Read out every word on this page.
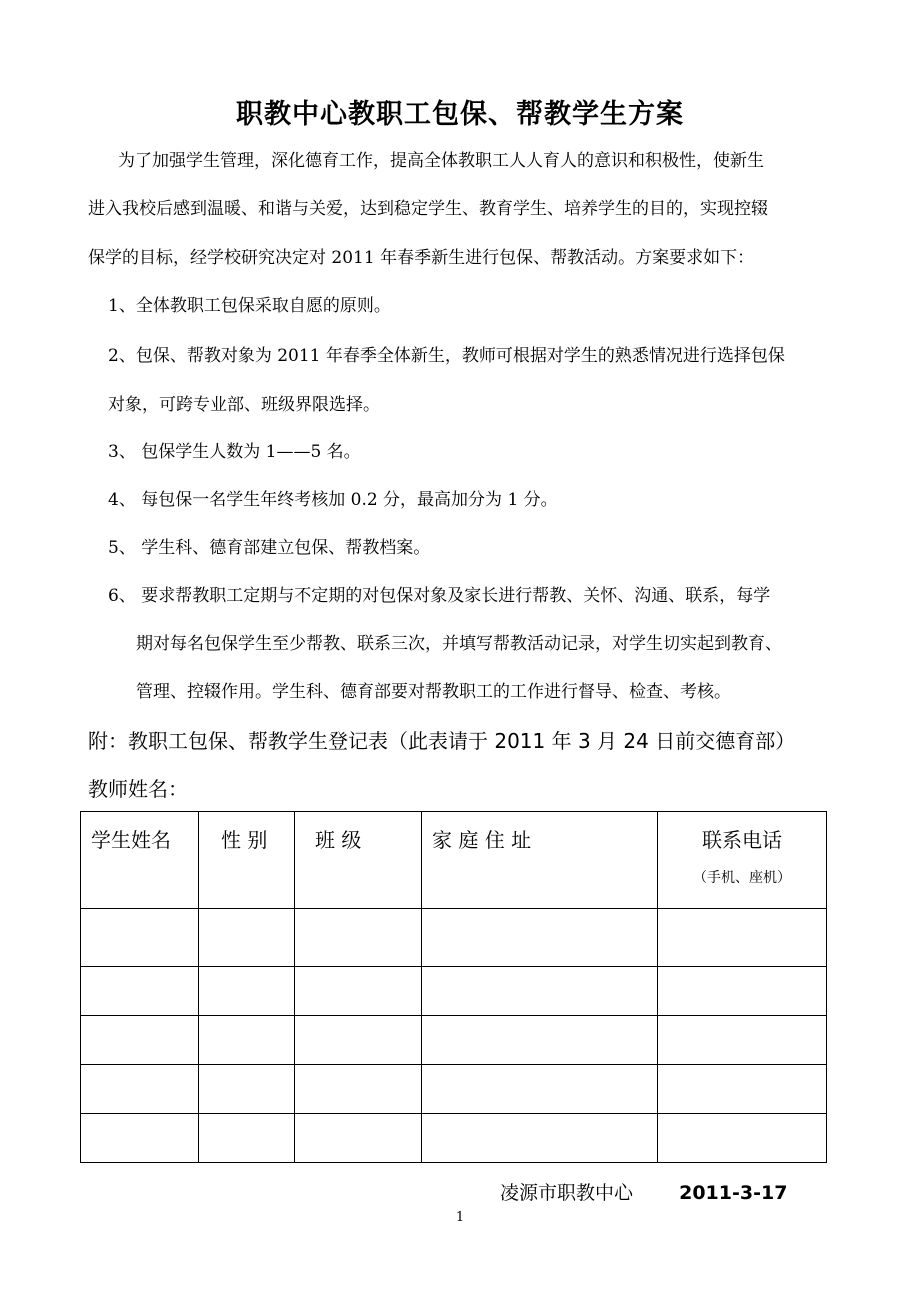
职教中心教职工包保、帮教学生方案
为了加强学生管理，深化德育工作，提高全体教职工人人育人的意识和积极性，使新生
进入我校后感到温暖、和谐与关爱，达到稳定学生、教育学生、培养学生的目的，实现控辍
保学的目标，经学校研究决定对 2011 年春季新生进行包保、帮教活动。方案要求如下：
1、全体教职工包保采取自愿的原则。
2、包保、帮教对象为 2011 年春季全体新生，教师可根据对学生的熟悉情况进行选择包保
对象，可跨专业部、班级界限选择。
3、 包保学生人数为 1——5 名。
4、 每包保一名学生年终考核加 0.2 分，最高加分为 1 分。
5、 学生科、德育部建立包保、帮教档案。
6、 要求帮教职工定期与不定期的对包保对象及家长进行帮教、关怀、沟通、联系，每学
期对每名包保学生至少帮教、联系三次，并填写帮教活动记录，对学生切实起到教育、
管理、控辍作用。学生科、德育部要对帮教职工的工作进行督导、检查、考核。
附：教职工包保、帮教学生登记表（此表请于 2011 年 3 月 24 日前交德育部）
教师姓名：
学生姓名	性 别	班 级	家 庭 住 址	联系电话
（手机、座机）

凌源市职教中心 2011-3-17
1
